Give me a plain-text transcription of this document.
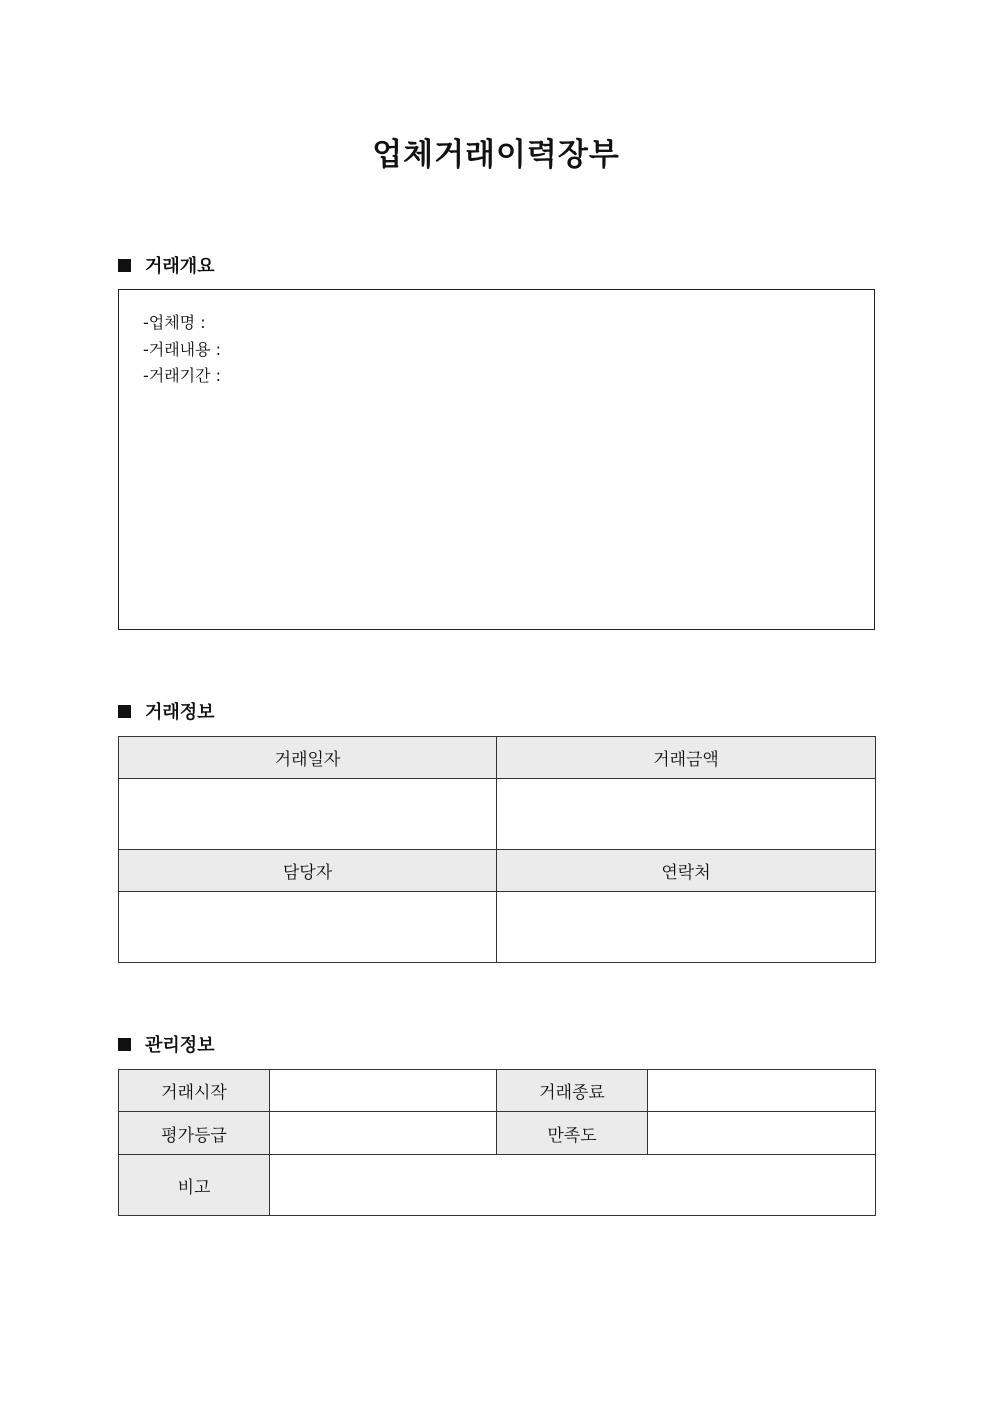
업체거래이력장부
거래개요
-업체명 :
-거래내용 :
-거래기간 :
거래정보
거래일자	거래금액

담당자	연락처

관리정보
거래시작		거래종료	
평가등급		만족도	
비고			
